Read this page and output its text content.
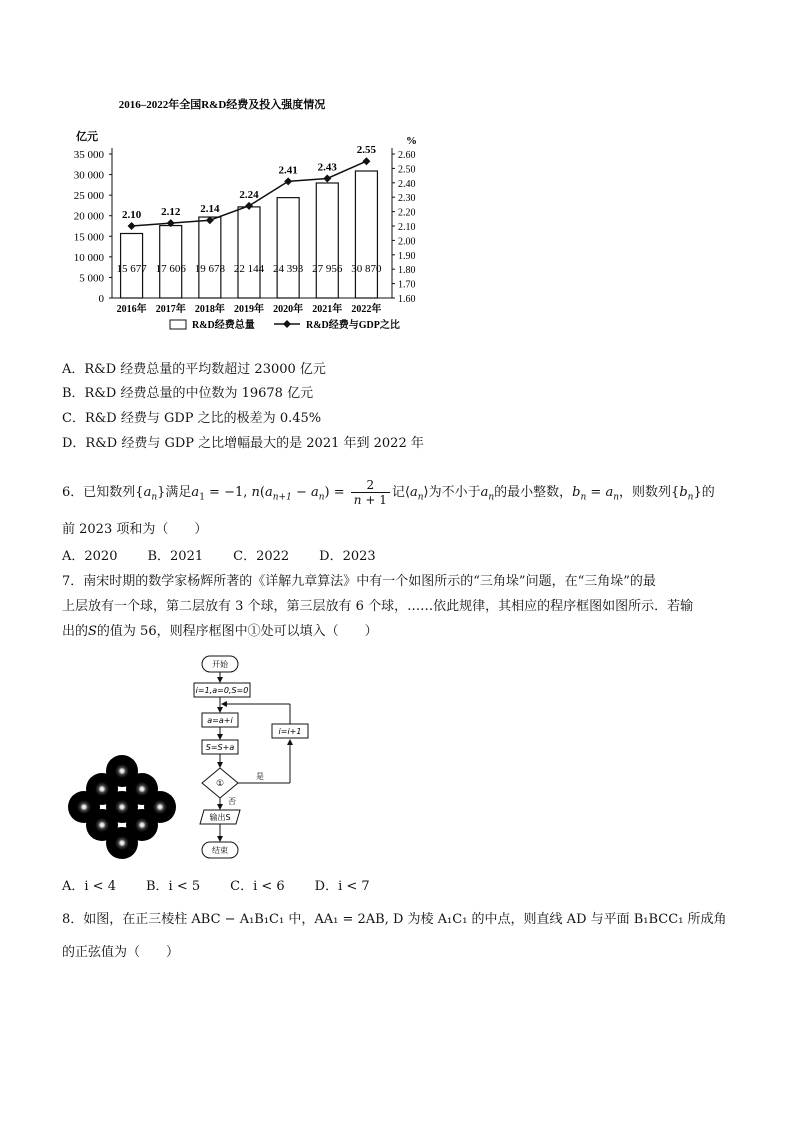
2016–2022年全国R&D经费及投入强度情况
亿元	%
0
5 000
10 000
15 000
20 000
25 000
30 000
35 000
1.60
1.70
1.80
1.90
2.00
2.10
2.20
2.30
2.40
2.50
2.60
15 677
2016年
17 606
2017年
19 678
2018年
22 144
2019年
24 393
2020年
27 956
2021年
30 870
2022年
2.10 2.12 2.14
2.24
2.41 2.43
2.55
R&D经费总量	R&D经费与GDP之比
A．R&D 经费总量的平均数超过 23000 亿元
B．R&D 经费总量的中位数为 19678 亿元
C．R&D 经费与 GDP 之比的极差为 0.45%
D．R&D 经费与 GDP 之比增幅最大的是 2021 年到 2022 年
6．已知数列$\{a_n\}$满足$a_1 = -1$, $n(a_{n+1} - a_n) = \frac{2}{n + 1}$ 记$⟨a_n⟩$为不小于$a_n$的最小整数，$b_n = a_n$，则数列$\{b_n\}$的
前 2023 项和为（　　）
A．2020 B．2021 C．2022 D．2023
7．南宋时期的数学家杨辉所著的《详解九章算法》中有一个如图所示的“三角垛”问题，在“三角垛”的最
上层放有一个球，第二层放有 3 个球，第三层放有 6 个球，……依此规律，其相应的程序框图如图所示．若输
出的S的值为 56，则程序框图中①处可以填入（　　）
开始
i=1,a=0,S=0
a=a+i
S=S+a
①
是
i=i+1
否
输出S
结束
A．i < 4 B．i < 5 C．i < 6 D．i < 7
8．如图，在正三棱柱 ABC − A₁B₁C₁ 中，AA₁ = 2AB, D 为棱 A₁C₁ 的中点，则直线 AD 与平面 B₁BCC₁ 所成角
的正弦值为（　　）
